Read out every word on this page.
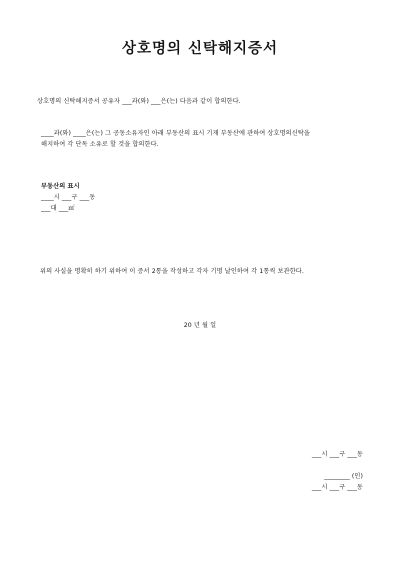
상호명의 신탁해지증서
상호명의 신탁해지증서 공유자 ___과(와) ___은(는) 다음과 같이 합의한다.
____과(와) ____은(는) 그 공동소유자인 아래 부동산의 표시 기재 부동산에 관하여 상호명의신탁을
해지하여 각 단독 소유로 할 것을 합의한다.
부동산의 표시
____시 ___구 ___동
___대 ___㎡
위의 사실을 명확히 하기 위하여 이 증서 2통을 작성하고 각자 기명 날인하여 각 1통씩 보관한다.
20 년 월 일
___시 ___구 ___동
________ (인)
___시 ___구 ___동
